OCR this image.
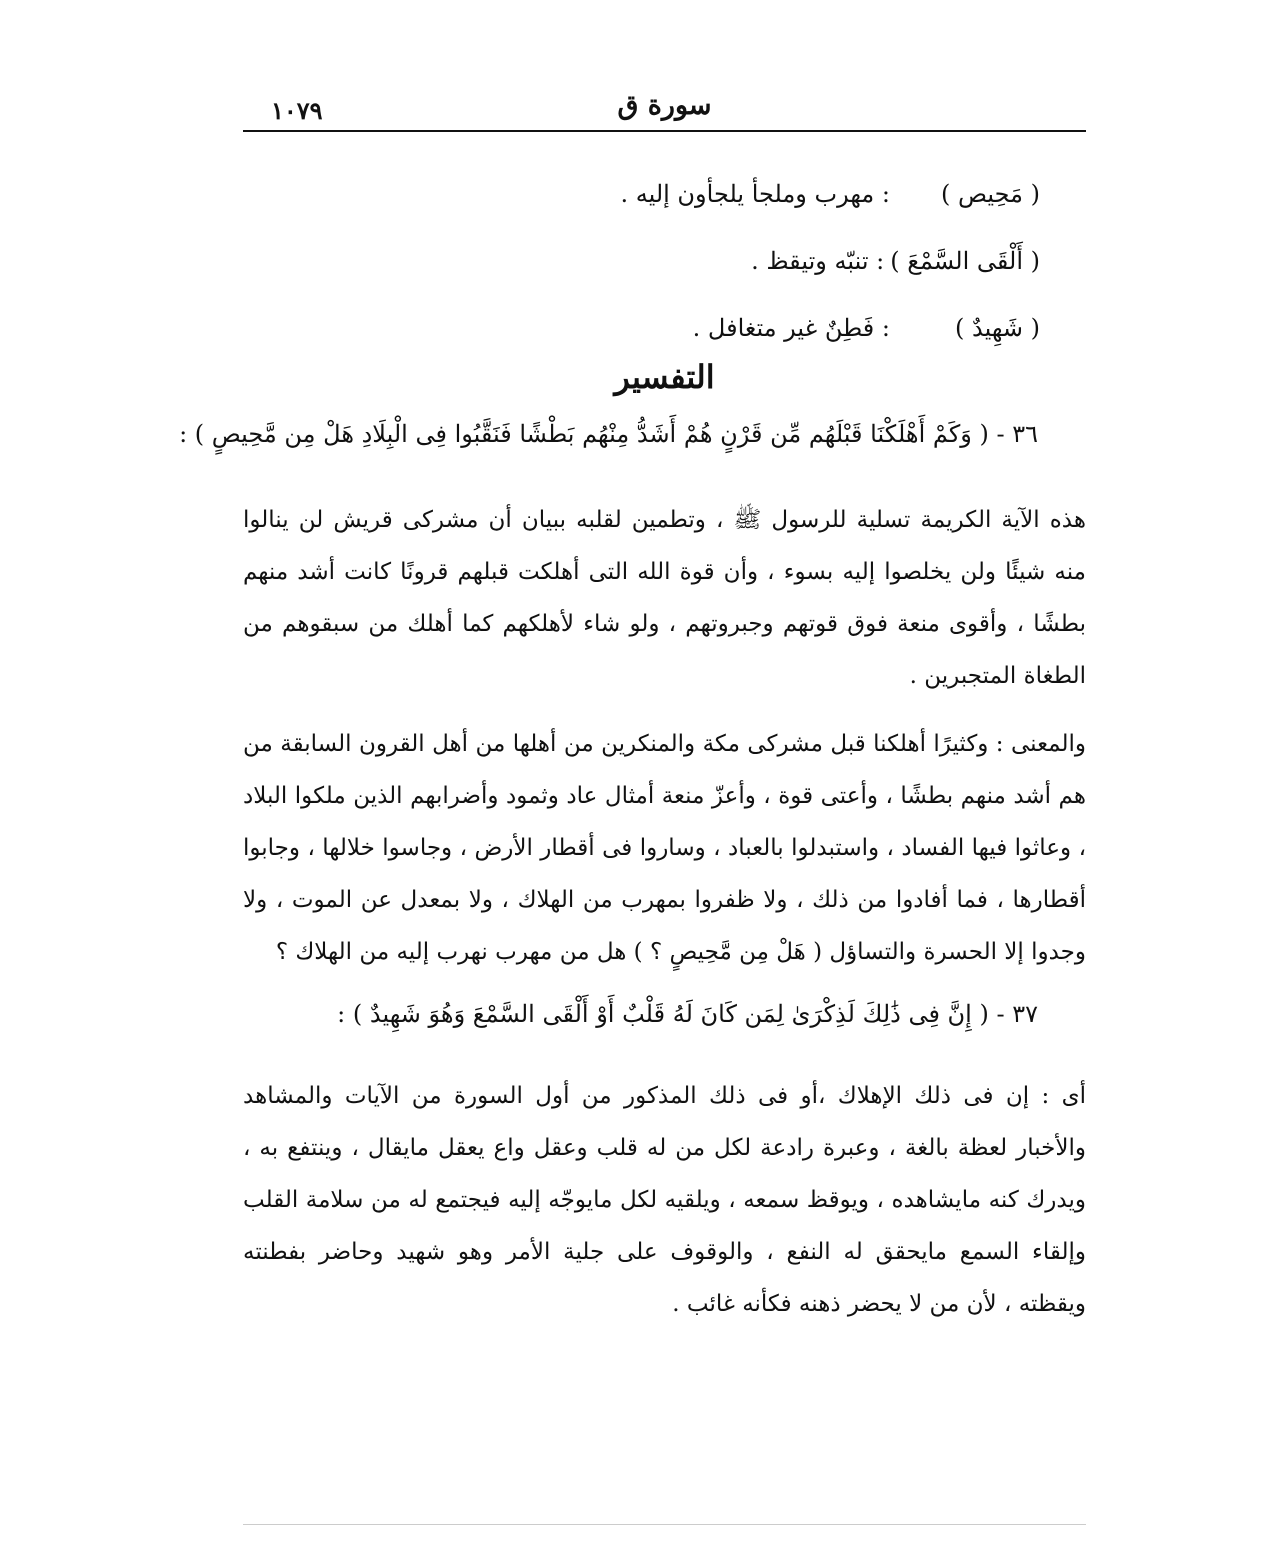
١٠٧٩	سورة ق
( مَحِيص )
: مهرب وملجأ يلجأون إليه .
( أَلْقَى السَّمْعَ )
: تنبّه وتيقظ .
( شَهِيدٌ )
: فَطِنٌ غير متغافل .
التفسير
٣٦ - ( وَكَمْ أَهْلَكْنَا قَبْلَهُم مِّن قَرْنٍ هُمْ أَشَدُّ مِنْهُم بَطْشًا فَنَقَّبُوا فِى الْبِلَادِ هَلْ مِن مَّحِيصٍ ) :

هذه الآية الكريمة تسلية للرسول ﷺ ، وتطمين لقلبه ببيان أن مشركى قريش لن ينالوا منه شيئًا ولن يخلصوا إليه بسوء ، وأن قوة الله التى أهلكت قبلهم قرونًا كانت أشد منهم بطشًا ، وأقوى منعة فوق قوتهم وجبروتهم ، ولو شاء لأهلكهم كما أهلك من سبقوهم من الطغاة المتجبرين .

والمعنى : وكثيرًا أهلكنا قبل مشركى مكة والمنكرين من أهلها من أهل القرون السابقة من هم أشد منهم بطشًا ، وأعتى قوة ، وأعزّ منعة أمثال عاد وثمود وأضرابهم الذين ملكوا البلاد ، وعاثوا فيها الفساد ، واستبدلوا بالعباد ، وساروا فى أقطار الأرض ، وجاسوا خلالها ، وجابوا أقطارها ، فما أفادوا من ذلك ، ولا ظفروا بمهرب من الهلاك ، ولا بمعدل عن الموت ، ولا وجدوا إلا الحسرة والتساؤل ( هَلْ مِن مَّحِيصٍ ؟ ) هل من مهرب نهرب إليه من الهلاك ؟

٣٧ - ( إِنَّ فِى ذَٰلِكَ لَذِكْرَىٰ لِمَن كَانَ لَهُ قَلْبٌ أَوْ أَلْقَى السَّمْعَ وَهُوَ شَهِيدٌ ) :

أى : إن فى ذلك الإهلاك ،أو فى ذلك المذكور من أول السورة من الآيات والمشاهد والأخبار لعظة بالغة ، وعبرة رادعة لكل من له قلب وعقل واع يعقل مايقال ، وينتفع به ، ويدرك كنه مايشاهده ، ويوقظ سمعه ، ويلقيه لكل مايوجّه إليه فيجتمع له من سلامة القلب وإلقاء السمع مايحقق له النفع ، والوقوف على جلية الأمر وهو شهيد وحاضر بفطنته ويقظته ، لأن من لا يحضر ذهنه فكأنه غائب .
